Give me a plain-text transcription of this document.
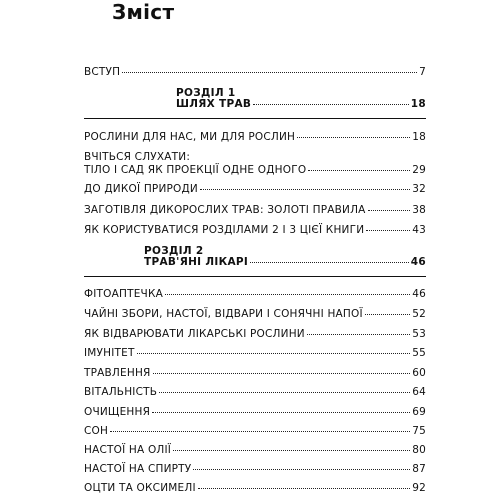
Зміст
ВСТУП	7
РОЗДІЛ 1
ШЛЯХ ТРАВ	18
РОСЛИНИ ДЛЯ НАС, МИ ДЛЯ РОСЛИН	18
ВЧІТЬСЯ СЛУХАТИ:
ТІЛО І САД ЯК ПРОЕКЦІЇ ОДНЕ ОДНОГО	29
ДО ДИКОЇ ПРИРОДИ	32
ЗАГОТІВЛЯ ДИКОРОСЛИХ ТРАВ: ЗОЛОТІ ПРАВИЛА	38
ЯК КОРИСТУВАТИСЯ РОЗДІЛАМИ 2 І 3 ЦІЄЇ КНИГИ	43
РОЗДІЛ 2
ТРАВ'ЯНІ ЛІКАРІ	46
ФІТОАПТЕЧКА	46
ЧАЙНІ ЗБОРИ, НАСТОЇ, ВІДВАРИ І СОНЯЧНІ НАПОЇ	52
ЯК ВІДВАРЮВАТИ ЛІКАРСЬКІ РОСЛИНИ	53
ІМУНІТЕТ	55
ТРАВЛЕННЯ	60
ВІТАЛЬНІСТЬ	64
ОЧИЩЕННЯ	69
СОН	75
НАСТОЇ НА ОЛІЇ	80
НАСТОЇ НА СПИРТУ	87
ОЦТИ ТА ОКСИМЕЛІ	92
